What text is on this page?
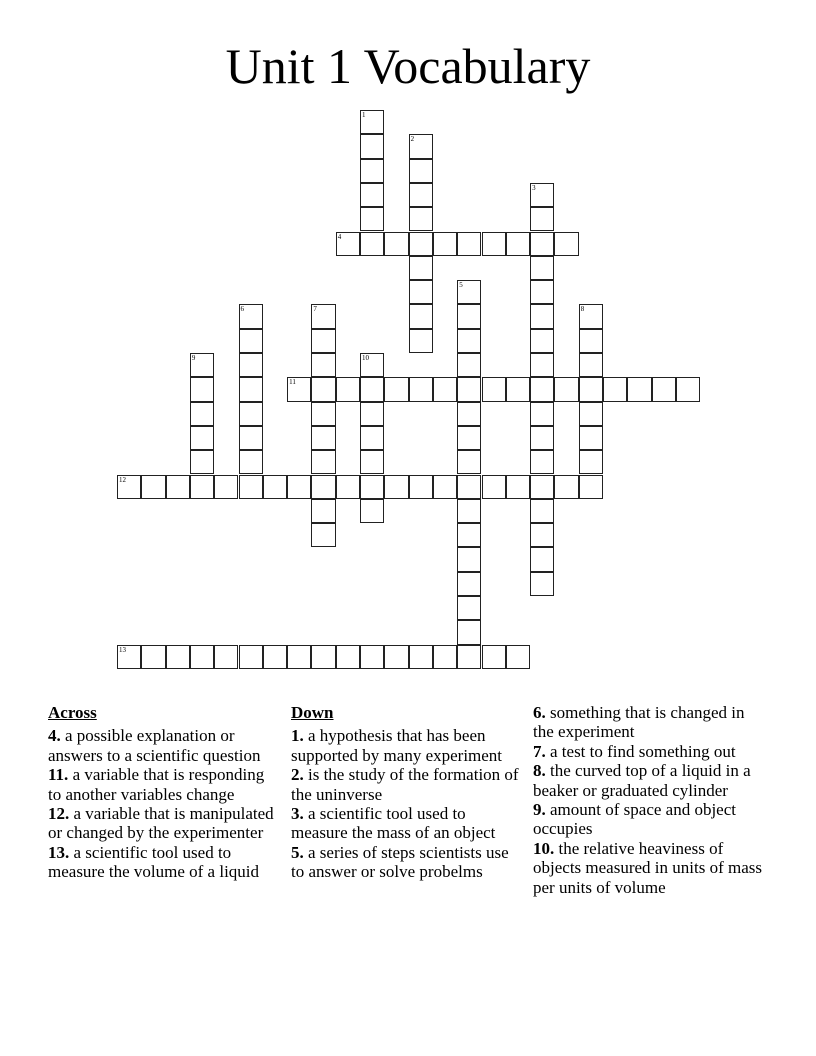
Unit 1 Vocabulary
4
11
12
13
1
2
3
5
6	7	8
9	10
Across
4. a possible explanation or answers to a scientific question
11. a variable that is responding to another variables change
12. a variable that is manipulated or changed by the experimenter
13. a scientific tool used to measure the volume of a liquid
Down
1. a hypothesis that has been supported by many experiment
2. is the study of the formation of the uninverse
3. a scientific tool used to measure the mass of an object
5. a series of steps scientists use to answer or solve probelms
6. something that is changed in the experiment
7. a test to find something out
8. the curved top of a liquid in a beaker or graduated cylinder
9. amount of space and object occupies
10. the relative heaviness of objects measured in units of mass per units of volume
